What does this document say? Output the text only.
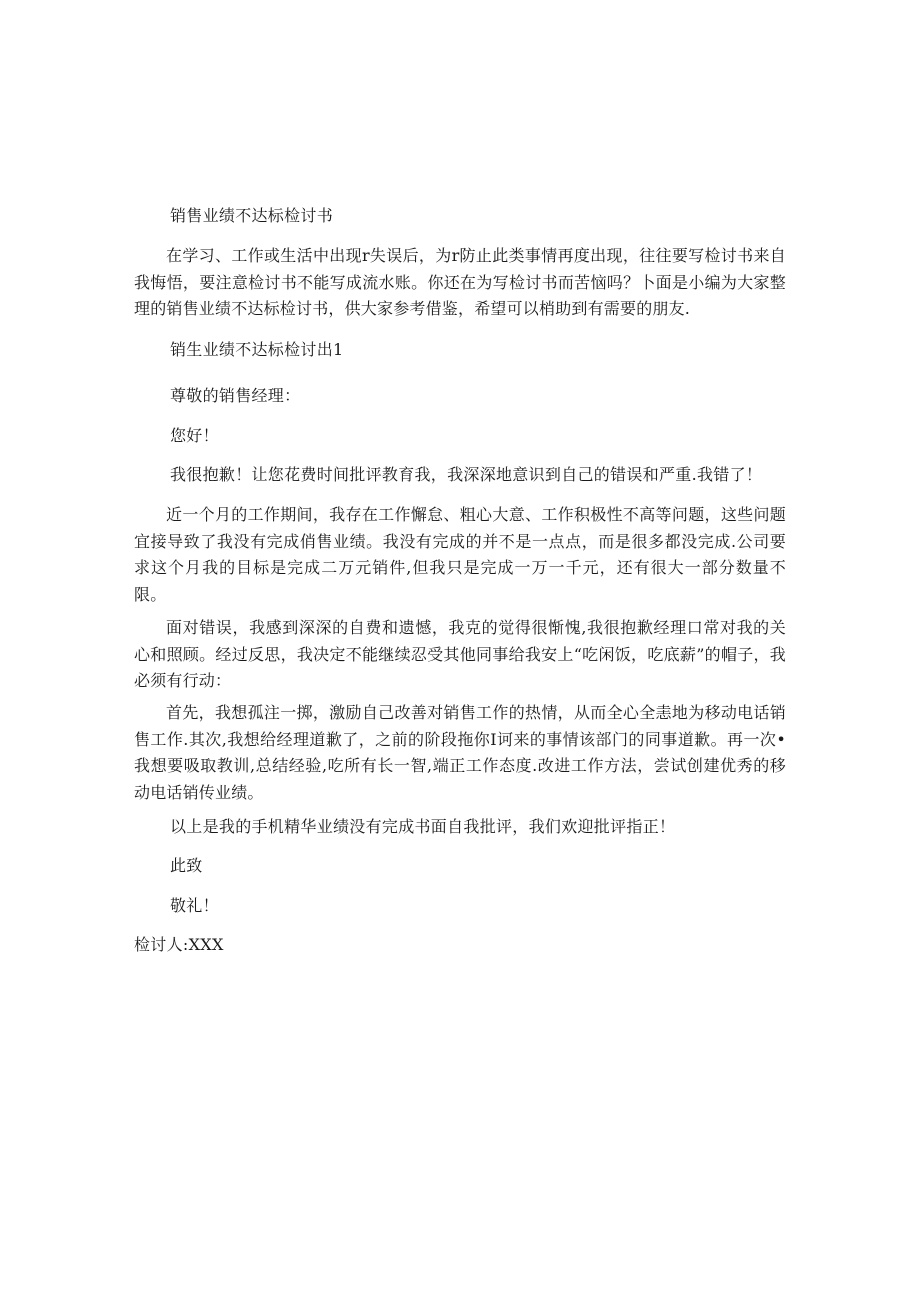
销售业绩不达标检讨书

在学习、工作或生活中出现r失误后，为r防止此类事情再度出现，往往要写检讨书来自我悔悟，要注意检讨书不能写成流水账。你还在为写检讨书而苦恼吗？卜面是小编为大家整理的销售业绩不达标检讨书，供大家参考借鉴，希望可以梢助到有需要的朋友.

销生业绩不达标检讨出1

尊敬的销售经理：

您好！

我很抱歉！让您花费时间批评教育我，我深深地意识到自己的错误和严重.我错了！

近一个月的工作期间，我存在工作懈怠、粗心大意、工作积极性不高等问题，这些问题宜接导致了我没有完成俏售业绩。我没有完成的并不是一点点，而是很多都没完成.公司要求这个月我的目标是完成二万元销件,但我只是完成一万一千元，还有很大一部分数量不限。

面对错误，我感到深深的自费和遗憾，我克的觉得很惭愧,我很抱歉经理口常对我的关心和照顾。经过反思，我决定不能继续忍受其他同事给我安上“吃闲饭，吃底薪”的帽子，我必须有行动：

首先，我想孤注一掷，激励自己改善对销售工作的热情，从而全心全恚地为移动电话销售工作.其次,我想给经理道歉了，之前的阶段拖你I诃来的事情该部门的同事道歉。再一次•我想要吸取教训,总结经验,吃所有长一智,端正工作态度.改进工作方法，尝试创建优秀的移动电话销传业绩。

以上是我的手机精华业绩没有完成书面自我批评，我们欢迎批评指正！

此致

敬礼！

检讨人:XXX
